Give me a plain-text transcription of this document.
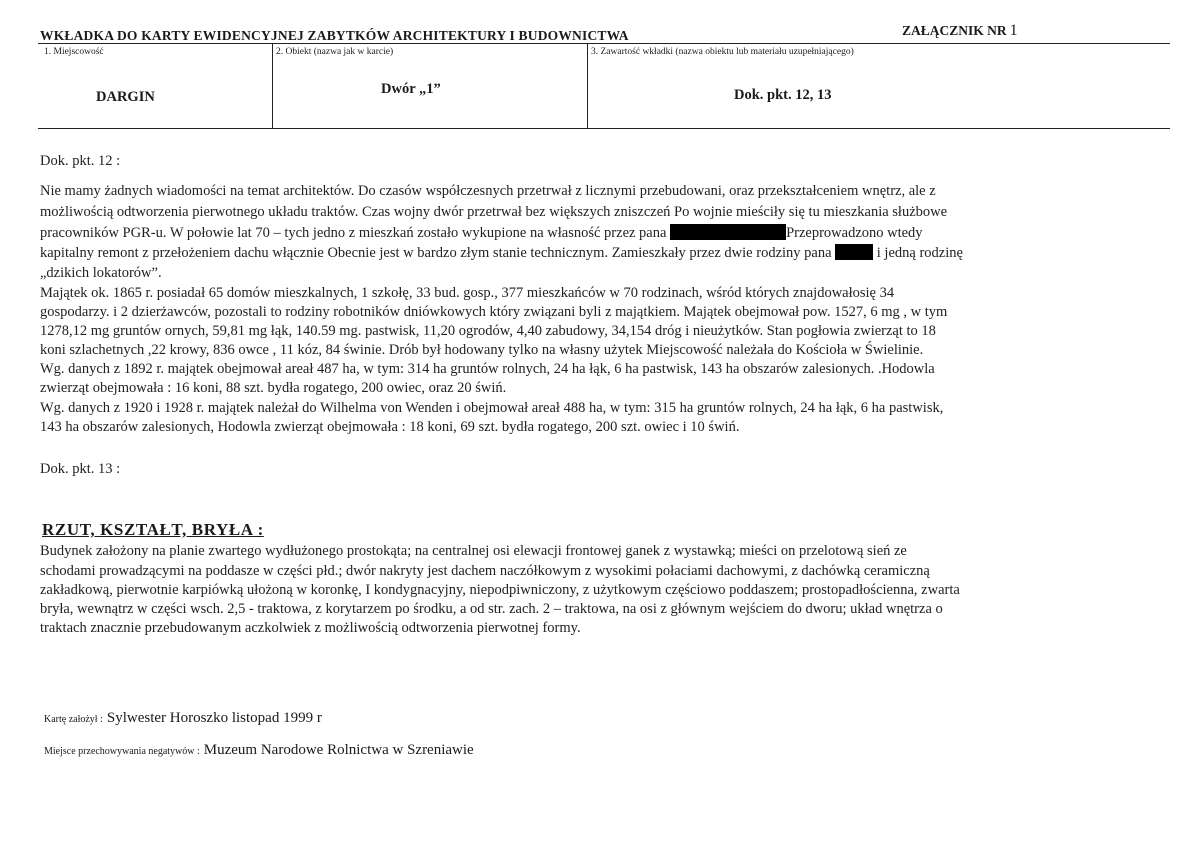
WKŁADKA DO KARTY EWIDENCYJNEJ ZABYTKÓW ARCHITEKTURY I BUDOWNICTWA	ZAŁĄCZNIK NR 1
1. Miejscowość	2. Obiekt (nazwa jak w karcie)	3. Zawartość wkładki (nazwa obiektu lub materiału uzupełniającego)
DARGIN	Dwór „1”	Dok. pkt. 12, 13
Dok. pkt. 12 :
Nie mamy żadnych wiadomości na temat architektów. Do czasów współczesnych przetrwał z licznymi przebudowani, oraz przekształceniem wnętrz, ale z
możliwością odtworzenia pierwotnego układu traktów. Czas wojny dwór przetrwał bez większych zniszczeń Po wojnie mieściły się tu mieszkania służbowe
pracowników PGR-u. W połowie lat 70 – tych jedno z mieszkań zostało wykupione na własność przez pana	Przeprowadzono wtedy
kapitalny remont z przełożeniem dachu włącznie Obecnie jest w bardzo złym stanie technicznym. Zamieszkały przez dwie rodziny pana	i jedną rodzinę
„dzikich lokatorów”.
Majątek ok. 1865 r. posiadał 65 domów mieszkalnych, 1 szkołę, 33 bud. gosp., 377 mieszkańców w 70 rodzinach, wśród których znajdowałosię 34
gospodarzy. i 2 dzierżawców, pozostali to rodziny robotników dniówkowych który związani byli z majątkiem. Majątek obejmował pow. 1527, 6 mg , w tym
1278,12 mg gruntów ornych, 59,81 mg łąk, 140.59 mg. pastwisk, 11,20 ogrodów, 4,40 zabudowy, 34,154 dróg i nieużytków. Stan pogłowia zwierząt to 18
koni szlachetnych ,22 krowy, 836 owce , 11 kóz, 84 świnie. Drób był hodowany tylko na własny użytek Miejscowość należała do Kościoła w Świelinie.
Wg. danych z 1892 r. majątek obejmował areał 487 ha, w tym: 314 ha gruntów rolnych, 24 ha łąk, 6 ha pastwisk, 143 ha obszarów zalesionych. .Hodowla
zwierząt obejmowała : 16 koni, 88 szt. bydła rogatego, 200 owiec, oraz 20 świń.
Wg. danych z 1920 i 1928 r. majątek należał do Wilhelma von Wenden i obejmował areał 488 ha, w tym: 315 ha gruntów rolnych, 24 ha łąk, 6 ha pastwisk,
143 ha obszarów zalesionych, Hodowla zwierząt obejmowała : 18 koni, 69 szt. bydła rogatego, 200 szt. owiec i 10 świń.
Dok. pkt. 13 :
RZUT, KSZTAŁT, BRYŁA :
Budynek założony na planie zwartego wydłużonego prostokąta; na centralnej osi elewacji frontowej ganek z wystawką; mieści on przelotową sień ze
schodami prowadzącymi na poddasze w części płd.; dwór nakryty jest dachem naczółkowym z wysokimi połaciami dachowymi, z dachówką ceramiczną
zakładkową, pierwotnie karpiówką ułożoną w koronkę, I kondygnacyjny, niepodpiwniczony, z użytkowym częściowo poddaszem; prostopadłościenna, zwarta
bryła, wewnątrz w części wsch. 2,5 - traktowa, z korytarzem po środku, a od str. zach. 2 – traktowa, na osi z głównym wejściem do dworu; układ wnętrza o
traktach znacznie przebudowanym aczkolwiek z możliwością odtworzenia pierwotnej formy.
Kartę założył : Sylwester Horoszko listopad 1999 r
Miejsce przechowywania negatywów : Muzeum Narodowe Rolnictwa w Szreniawie
